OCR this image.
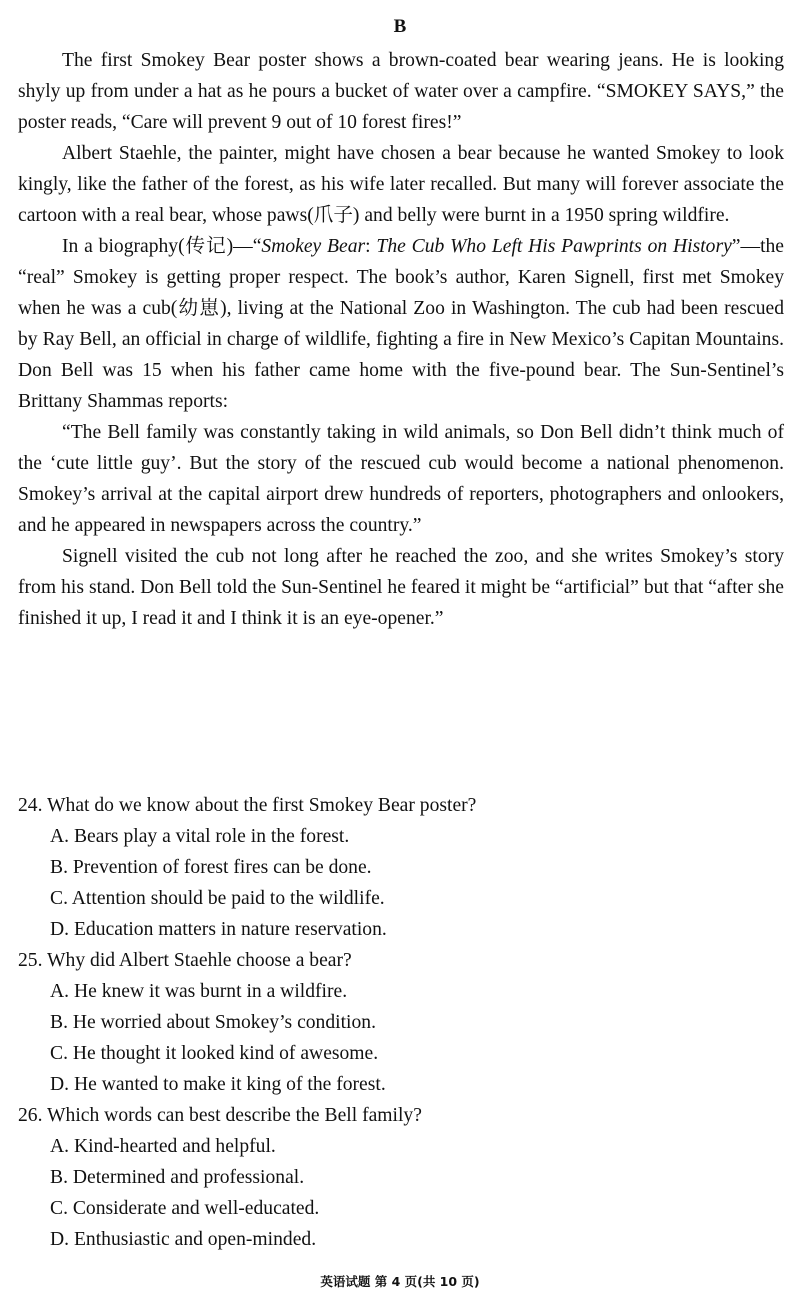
B

The first Smokey Bear poster shows a brown-coated bear wearing jeans. He is looking shyly up from under a hat as he pours a bucket of water over a campfire. “SMOKEY SAYS,” the poster reads, “Care will prevent 9 out of 10 forest fires!”

Albert Staehle, the painter, might have chosen a bear because he wanted Smokey to look kingly, like the father of the forest, as his wife later recalled. But many will forever associate the cartoon with a real bear, whose paws(爪子) and belly were burnt in a 1950 spring wildfire.

In a biography(传记)—“Smokey Bear: The Cub Who Left His Pawprints on History”—the “real” Smokey is getting proper respect. The book’s author, Karen Signell, first met Smokey when he was a cub(幼崽), living at the National Zoo in Washington. The cub had been rescued by Ray Bell, an official in charge of wildlife, fighting a fire in New Mexico’s Capitan Mountains. Don Bell was 15 when his father came home with the five-pound bear. The Sun-Sentinel’s Brittany Shammas reports:

“The Bell family was constantly taking in wild animals, so Don Bell didn’t think much of the ‘cute little guy’. But the story of the rescued cub would become a national phenomenon. Smokey’s arrival at the capital airport drew hundreds of reporters, photographers and onlookers, and he appeared in newspapers across the country.”

Signell visited the cub not long after he reached the zoo, and she writes Smokey’s story from his stand. Don Bell told the Sun-Sentinel he feared it might be “artificial” but that “after she finished it up, I read it and I think it is an eye-opener.”

24. What do we know about the first Smokey Bear poster?
A. Bears play a vital role in the forest.
B. Prevention of forest fires can be done.
C. Attention should be paid to the wildlife.
D. Education matters in nature reservation.
25. Why did Albert Staehle choose a bear?
A. He knew it was burnt in a wildfire.
B. He worried about Smokey’s condition.
C. He thought it looked kind of awesome.
D. He wanted to make it king of the forest.
26. Which words can best describe the Bell family?
A. Kind-hearted and helpful.
B. Determined and professional.
C. Considerate and well-educated.
D. Enthusiastic and open-minded.
英语试题 第 4 页(共 10 页)
